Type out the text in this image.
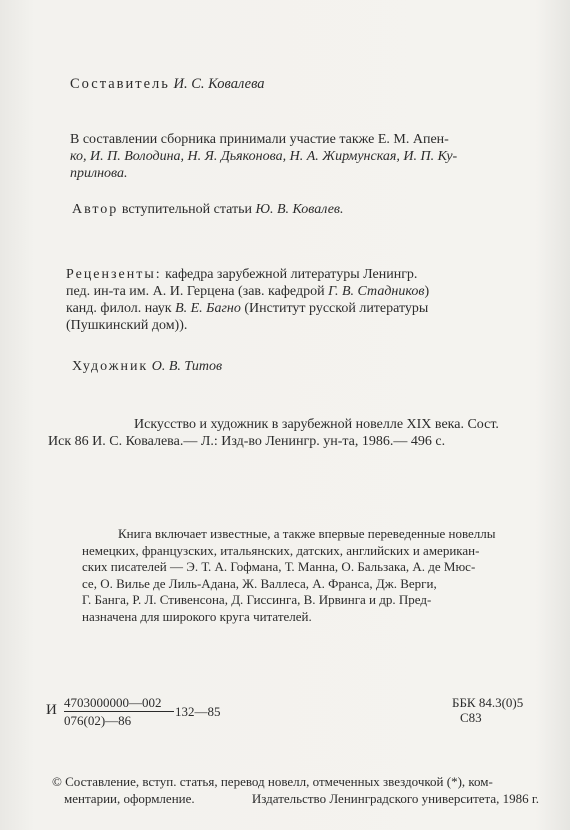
Составитель И. С. Ковалева

В составлении сборника принимали участие также Е. М. Апен-

ко, И. П. Володина, Н. Я. Дьяконова, Н. А. Жирмунская, И. П. Ку-

прилнова.

Автор вступительной статьи Ю. В. Ковалев.

Рецензенты: кафедра зарубежной литературы Ленингр.

пед. ин-та им. А. И. Герцена (зав. кафедрой Г. В. Стадников)

канд. филол. наук В. Е. Багно (Институт русской литературы

(Пушкинский дом)).

Художник О. В. Титов

Искусство и художник в зарубежной новелле XIX века. Сост.

Иск 86 И. С. Ковалева.— Л.: Изд-во Ленингр. ун-та, 1986.— 496 с.

Книга включает известные, а также впервые переведенные новеллы

немецких, французских, итальянских, датских, английских и американ-

ских писателей — Э. Т. А. Гофмана, Т. Манна, О. Бальзака, А. де Мюс-

се, О. Вилье де Лиль-Адана, Ж. Валлеса, А. Франса, Дж. Верги,

Г. Банга, Р. Л. Стивенсона, Д. Гиссинга, В. Ирвинга и др. Пред-

назначена для широкого круга читателей.

И 4703000000—002
076(02)—86
132—85
ББК 84.3(0)5
С83

© Составление, вступ. статья, перевод новелл, отмеченных звездочкой (*), ком-

ментарии, оформление.	Издательство Ленинградского университета, 1986 г.
